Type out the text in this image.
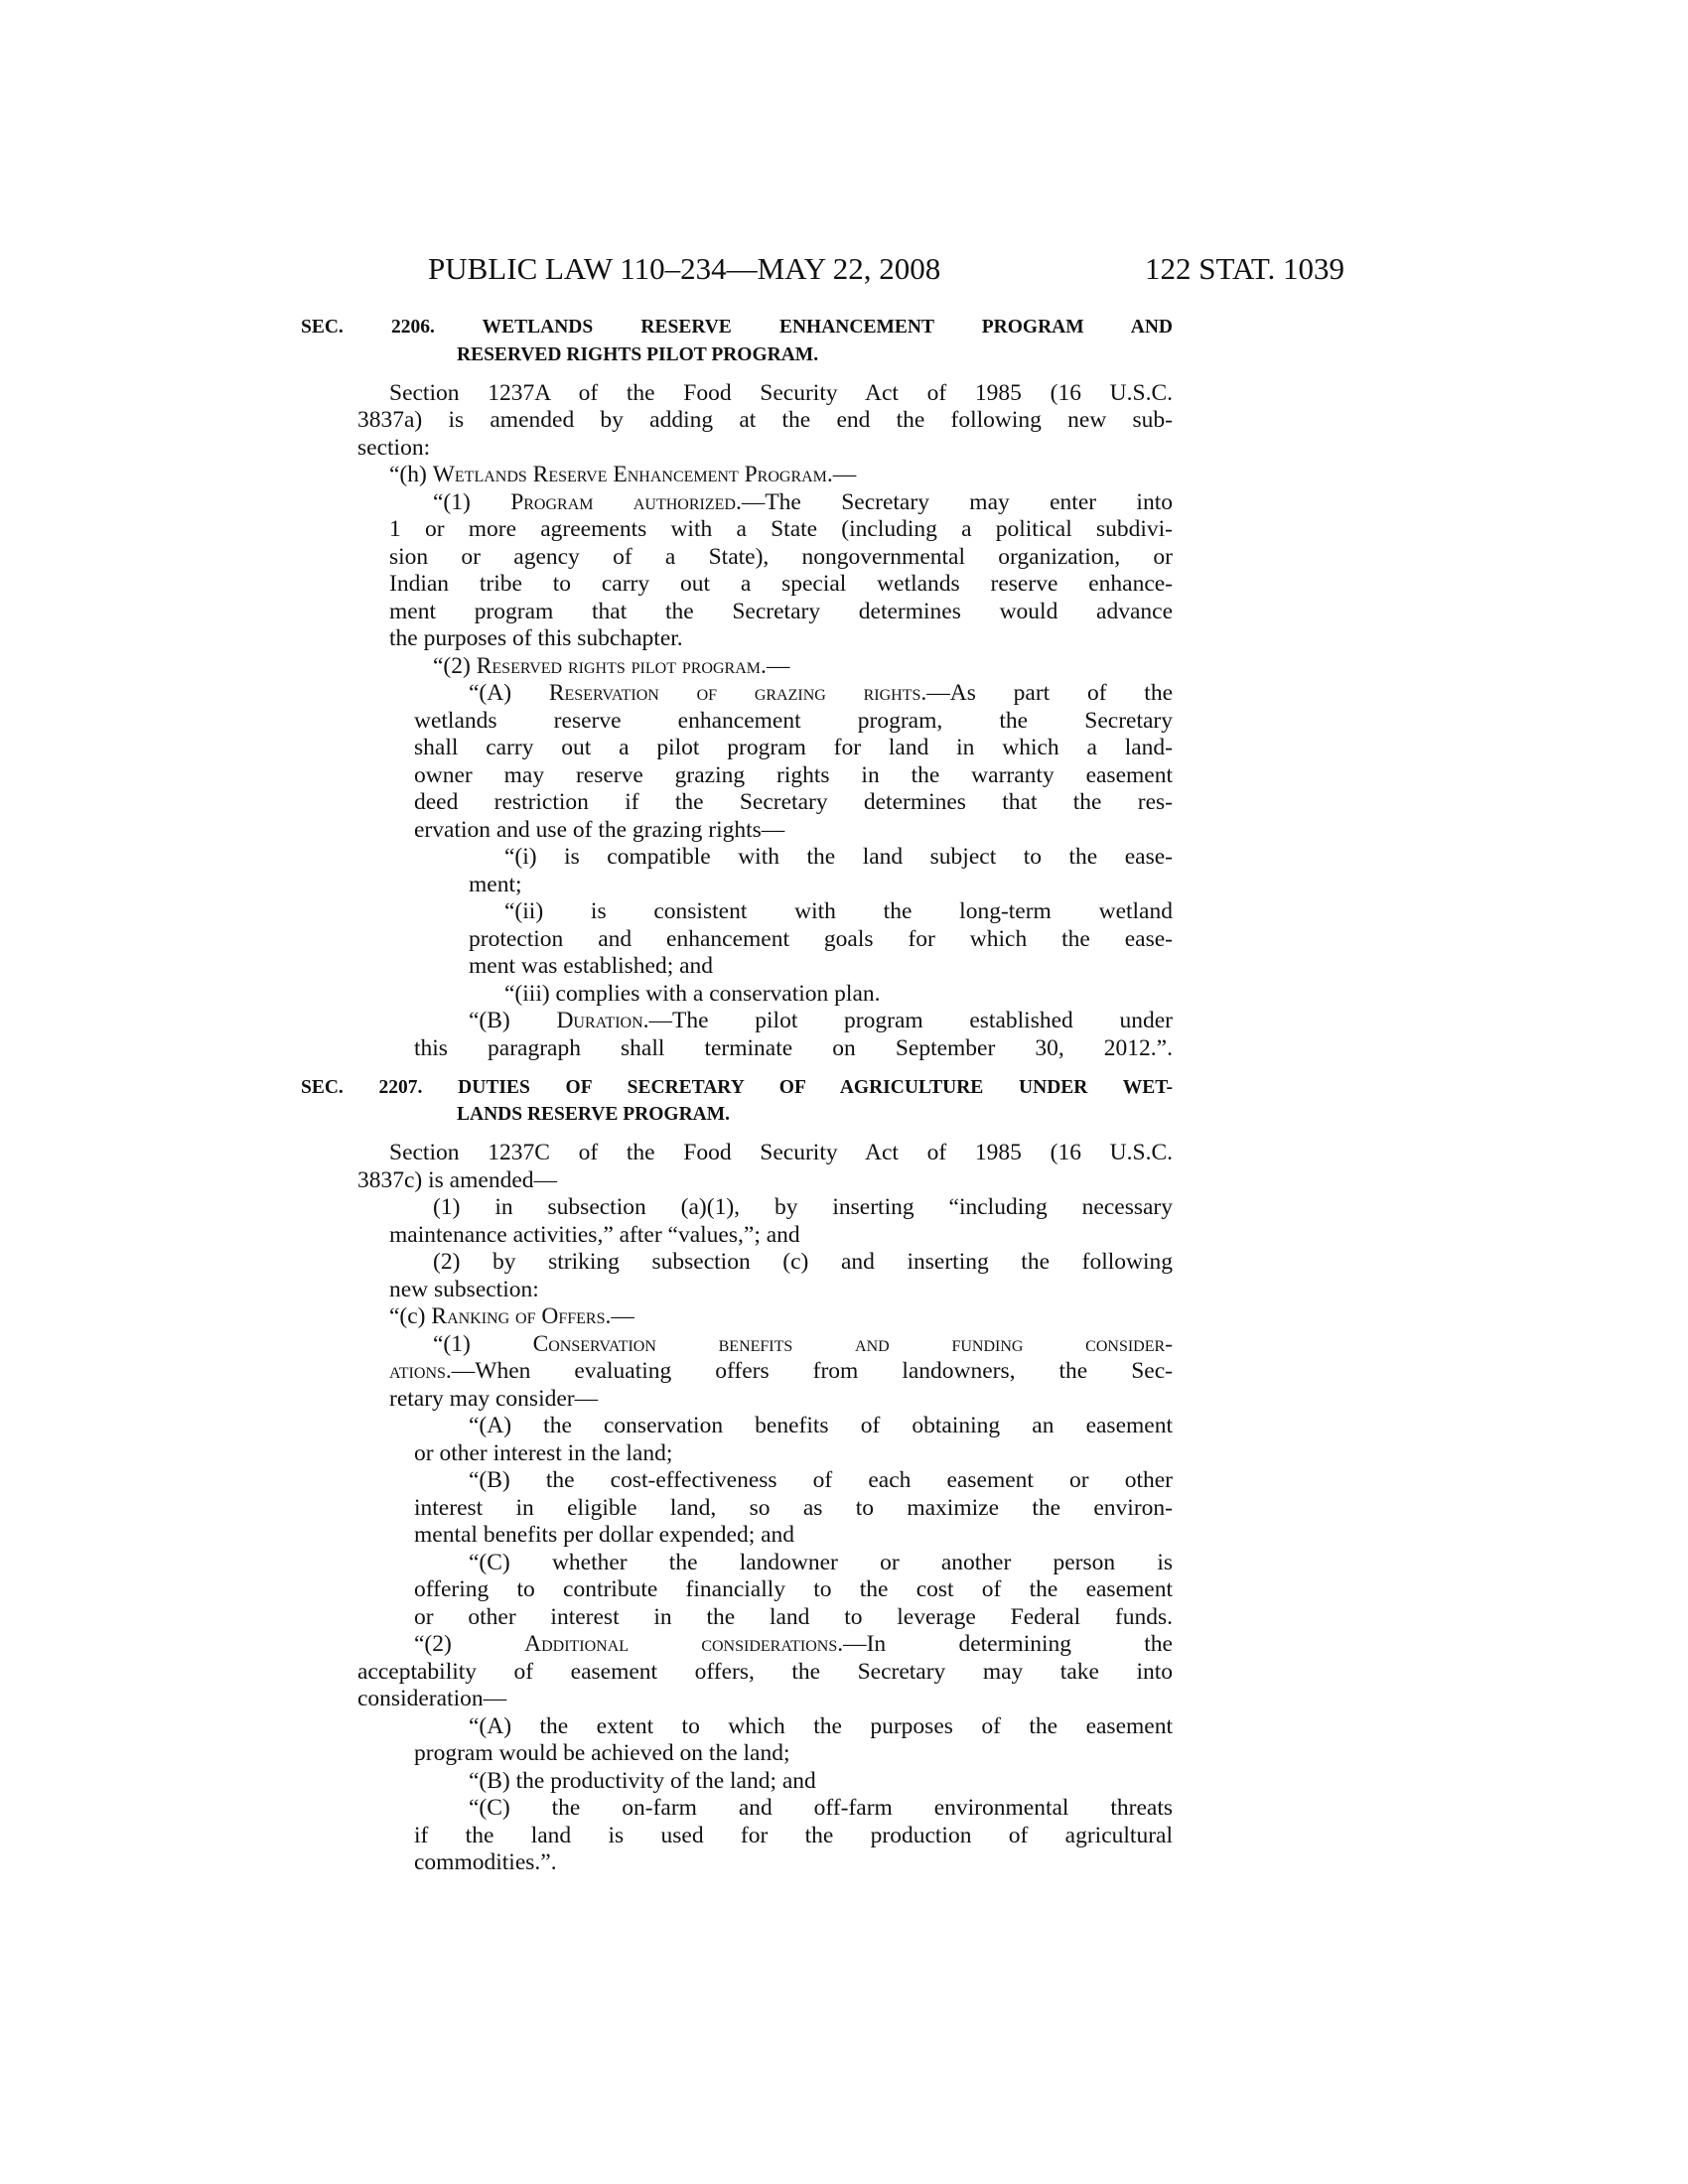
PUBLIC LAW 110–234—MAY 22, 2008	122 STAT. 1039
SEC. 2206. WETLANDS RESERVE ENHANCEMENT PROGRAM AND
RESERVED RIGHTS PILOT PROGRAM.
Section 1237A of the Food Security Act of 1985 (16 U.S.C.
3837a) is amended by adding at the end the following new sub-
section:
“(h) Wetlands Reserve Enhancement Program.—
“(1) Program authorized.—The Secretary may enter into
1 or more agreements with a State (including a political subdivi-
sion or agency of a State), nongovernmental organization, or
Indian tribe to carry out a special wetlands reserve enhance-
ment program that the Secretary determines would advance
the purposes of this subchapter.
“(2) Reserved rights pilot program.—
“(A) Reservation of grazing rights.—As part of the
wetlands reserve enhancement program, the Secretary
shall carry out a pilot program for land in which a land-
owner may reserve grazing rights in the warranty easement
deed restriction if the Secretary determines that the res-
ervation and use of the grazing rights—
“(i) is compatible with the land subject to the ease-
ment;
“(ii) is consistent with the long-term wetland
protection and enhancement goals for which the ease-
ment was established; and
“(iii) complies with a conservation plan.
“(B) Duration.—The pilot program established under
this paragraph shall terminate on September 30, 2012.”.
SEC. 2207. DUTIES OF SECRETARY OF AGRICULTURE UNDER WET-
LANDS RESERVE PROGRAM.
Section 1237C of the Food Security Act of 1985 (16 U.S.C.
3837c) is amended—
(1) in subsection (a)(1), by inserting “including necessary
maintenance activities,” after “values,”; and
(2) by striking subsection (c) and inserting the following
new subsection:
“(c) Ranking of Offers.—
“(1) Conservation benefits and funding consider-
ations.—When evaluating offers from landowners, the Sec-
retary may consider—
“(A) the conservation benefits of obtaining an easement
or other interest in the land;
“(B) the cost-effectiveness of each easement or other
interest in eligible land, so as to maximize the environ-
mental benefits per dollar expended; and
“(C) whether the landowner or another person is
offering to contribute financially to the cost of the easement
or other interest in the land to leverage Federal funds.
“(2) Additional considerations.—In determining the
acceptability of easement offers, the Secretary may take into
consideration—
“(A) the extent to which the purposes of the easement
program would be achieved on the land;
“(B) the productivity of the land; and
“(C) the on-farm and off-farm environmental threats
if the land is used for the production of agricultural
commodities.”.
